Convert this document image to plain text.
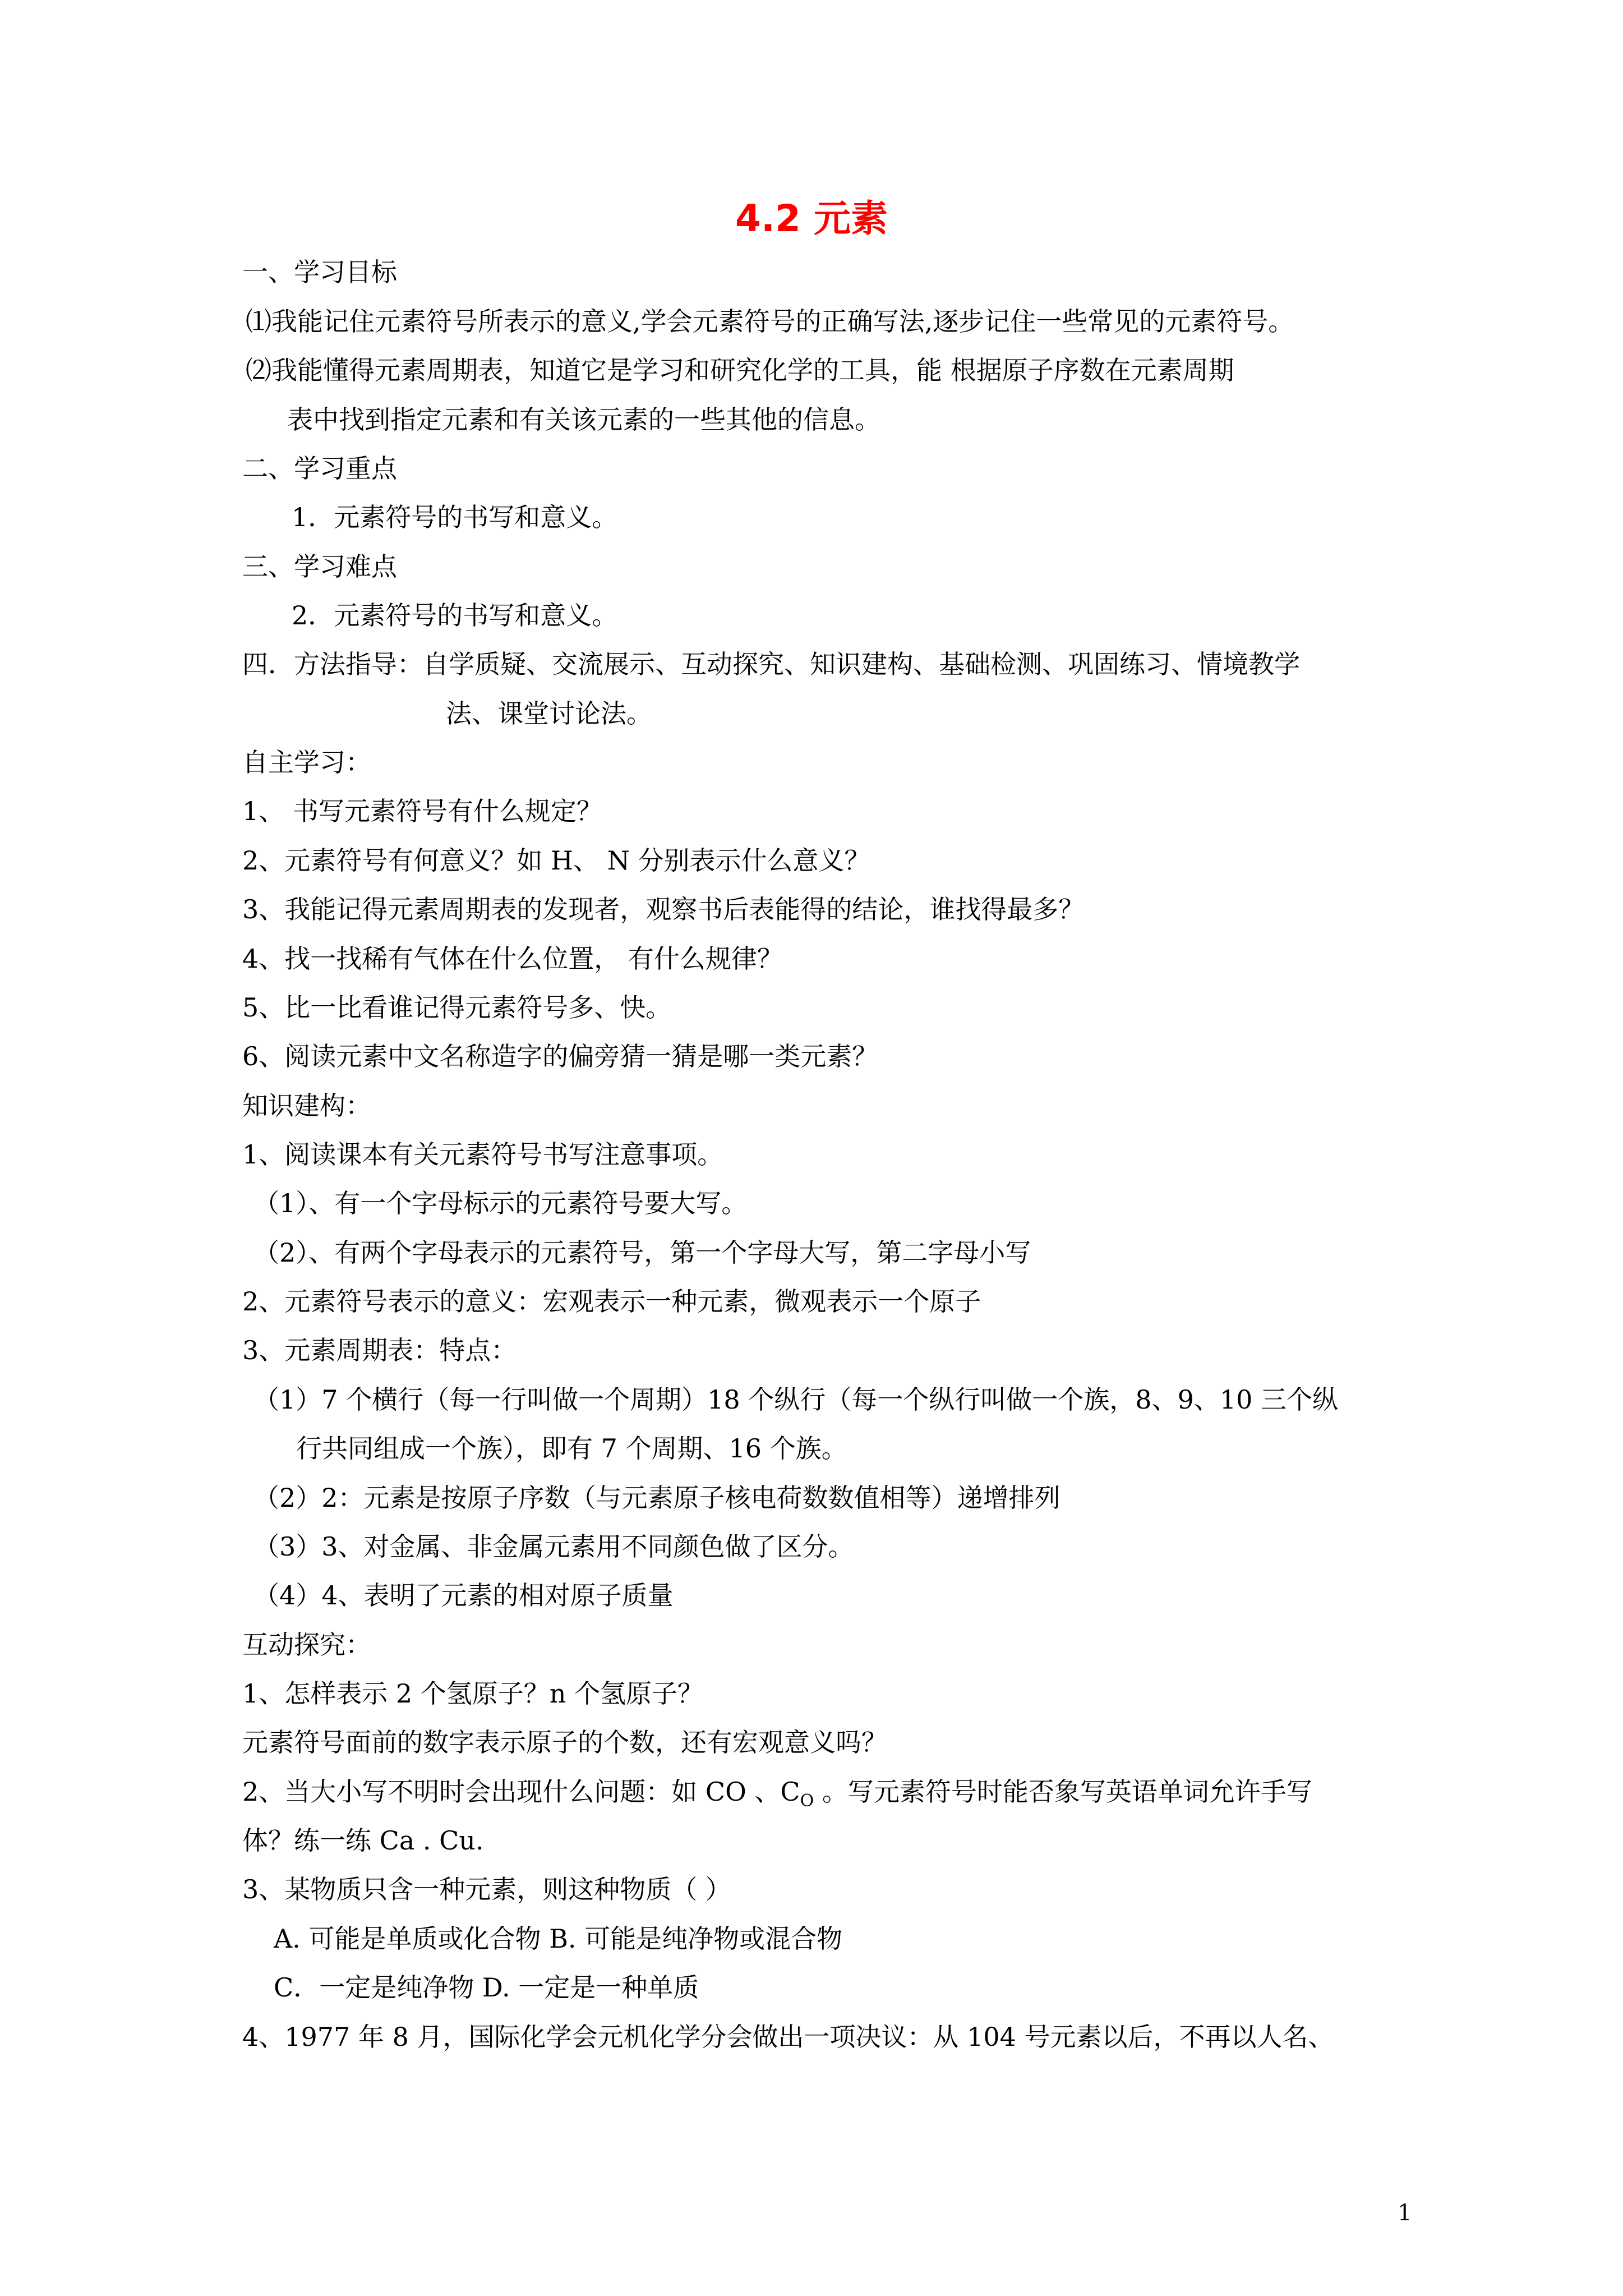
4.2 元素
一、学习目标
⑴我能记住元素符号所表示的意义,学会元素符号的正确写法,逐步记住一些常见的元素符号。
⑵我能懂得元素周期表，知道它是学习和研究化学的工具，能 根据原子序数在元素周期
表中找到指定元素和有关该元素的一些其他的信息。
二、学习重点
1．元素符号的书写和意义。
三、学习难点
2．元素符号的书写和意义。
四．方法指导：自学质疑、交流展示、互动探究、知识建构、基础检测、巩固练习、情境教学
法、课堂讨论法。
自主学习：
1、 书写元素符号有什么规定？
2、元素符号有何意义？如 H、 N 分别表示什么意义？
3、我能记得元素周期表的发现者，观察书后表能得的结论，谁找得最多？
4、找一找稀有气体在什么位置， 有什么规律？
5、比一比看谁记得元素符号多、快。
6、阅读元素中文名称造字的偏旁猜一猜是哪一类元素？
知识建构：
1、阅读课本有关元素符号书写注意事项。
（1）、有一个字母标示的元素符号要大写。
（2）、有两个字母表示的元素符号，第一个字母大写，第二字母小写
2、元素符号表示的意义：宏观表示一种元素，微观表示一个原子
3、元素周期表：特点：
（1）7 个横行（每一行叫做一个周期）18 个纵行（每一个纵行叫做一个族，8、9、10 三个纵
行共同组成一个族），即有 7 个周期、16 个族。
（2）2：元素是按原子序数（与元素原子核电荷数数值相等）递增排列
（3）3、对金属、非金属元素用不同颜色做了区分。
（4）4、表明了元素的相对原子质量
互动探究：
1、怎样表示 2 个氢原子？n 个氢原子？
元素符号面前的数字表示原子的个数，还有宏观意义吗？
2、当大小写不明时会出现什么问题：如 CO 、$C_O$ 。写元素符号时能否象写英语单词允许手写
体？练一练 Ca . Cu.
3、某物质只含一种元素，则这种物质（ ）
A. 可能是单质或化合物 B. 可能是纯净物或混合物
C．一定是纯净物 D. 一定是一种单质
4、1977 年 8 月，国际化学会元机化学分会做出一项决议：从 104 号元素以后，不再以人名、
1
